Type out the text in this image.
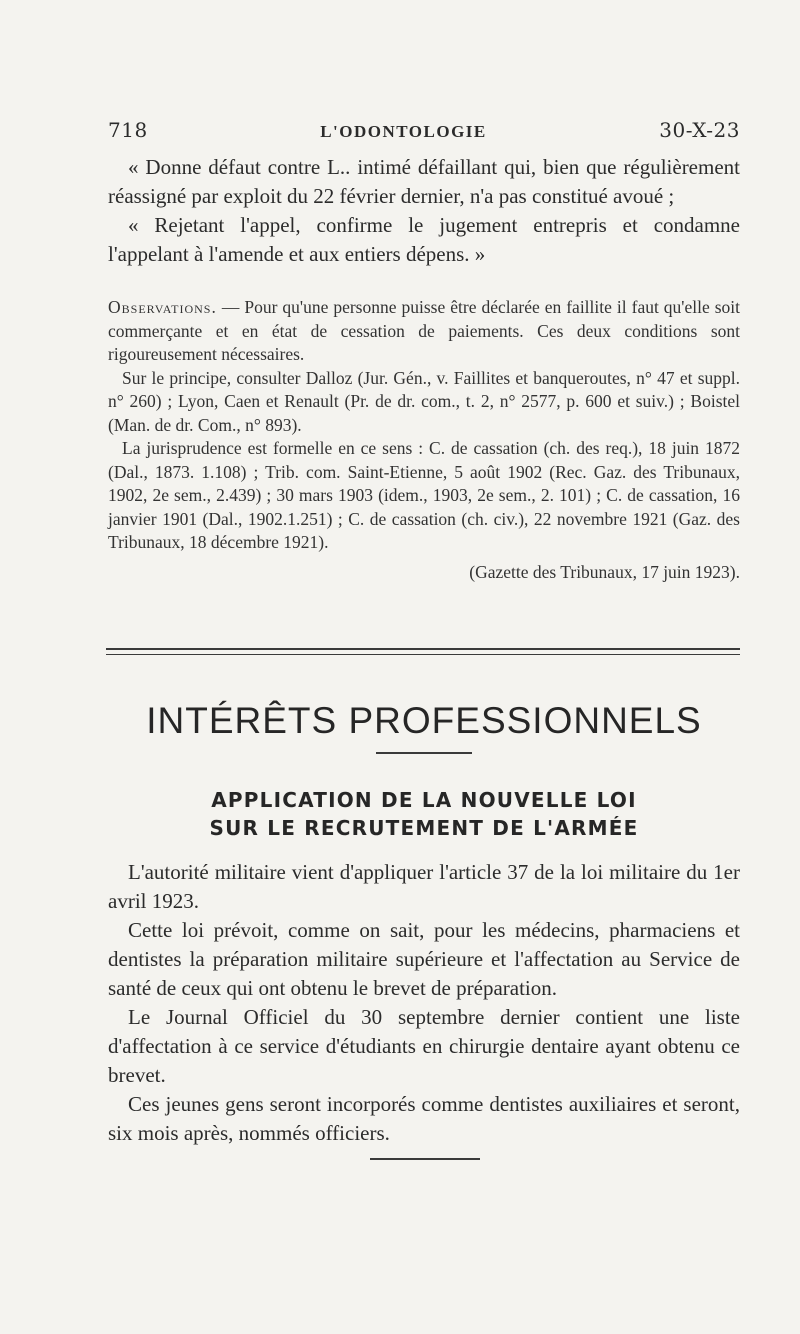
718	L'ODONTOLOGIE	30-X-23

« Donne défaut contre L.. intimé défaillant qui, bien que régulièrement réassigné par exploit du 22 février dernier, n'a pas constitué avoué ;

« Rejetant l'appel, confirme le jugement entrepris et condamne l'appelant à l'amende et aux entiers dépens. »

Observations. — Pour qu'une personne puisse être déclarée en faillite il faut qu'elle soit commerçante et en état de cessation de paiements. Ces deux conditions sont rigoureusement nécessaires.

Sur le principe, consulter Dalloz (Jur. Gén., v. Faillites et banqueroutes, n° 47 et suppl. n° 260) ; Lyon, Caen et Renault (Pr. de dr. com., t. 2, n° 2577, p. 600 et suiv.) ; Boistel (Man. de dr. Com., n° 893).

La jurisprudence est formelle en ce sens : C. de cassation (ch. des req.), 18 juin 1872 (Dal., 1873. 1.108) ; Trib. com. Saint-Etienne, 5 août 1902 (Rec. Gaz. des Tribunaux, 1902, 2e sem., 2.439) ; 30 mars 1903 (idem., 1903, 2e sem., 2. 101) ; C. de cassation, 16 janvier 1901 (Dal., 1902.1.251) ; C. de cassation (ch. civ.), 22 novembre 1921 (Gaz. des Tribunaux, 18 décembre 1921).

(Gazette des Tribunaux, 17 juin 1923).

INTÉRÊTS PROFESSIONNELS
APPLICATION DE LA NOUVELLE LOI
SUR LE RECRUTEMENT DE L'ARMÉE

L'autorité militaire vient d'appliquer l'article 37 de la loi militaire du 1er avril 1923.

Cette loi prévoit, comme on sait, pour les médecins, pharmaciens et dentistes la préparation militaire supérieure et l'affectation au Service de santé de ceux qui ont obtenu le brevet de préparation.

Le Journal Officiel du 30 septembre dernier contient une liste d'affectation à ce service d'étudiants en chirurgie dentaire ayant obtenu ce brevet.

Ces jeunes gens seront incorporés comme dentistes auxiliaires et seront, six mois après, nommés officiers.
